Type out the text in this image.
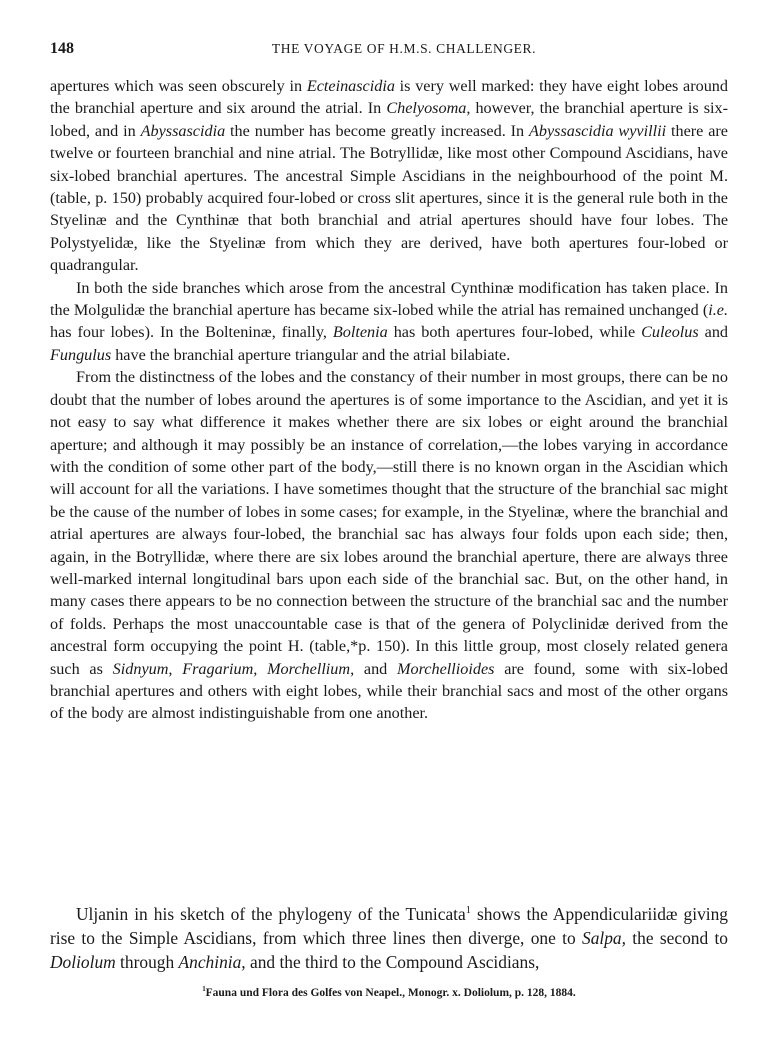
148	THE VOYAGE OF H.M.S. CHALLENGER.

apertures which was seen obscurely in Ecteinascidia is very well marked: they have eight lobes around the branchial aperture and six around the atrial. In Chelyosoma, however, the branchial aperture is six-lobed, and in Abyssascidia the number has become greatly increased. In Abyssascidia wyvillii there are twelve or fourteen branchial and nine atrial. The Botryllidæ, like most other Compound Ascidians, have six-lobed branchial apertures. The ancestral Simple Ascidians in the neighbourhood of the point M. (table, p. 150) probably acquired four-lobed or cross slit apertures, since it is the general rule both in the Styelinæ and the Cynthinæ that both branchial and atrial apertures should have four lobes. The Polystyelidæ, like the Styelinæ from which they are derived, have both apertures four-lobed or quadrangular.

In both the side branches which arose from the ancestral Cynthinæ modification has taken place. In the Molgulidæ the branchial aperture has became six-lobed while the atrial has remained unchanged (i.e. has four lobes). In the Bolteninæ, finally, Boltenia has both apertures four-lobed, while Culeolus and Fungulus have the branchial aperture triangular and the atrial bilabiate.

From the distinctness of the lobes and the constancy of their number in most groups, there can be no doubt that the number of lobes around the apertures is of some importance to the Ascidian, and yet it is not easy to say what difference it makes whether there are six lobes or eight around the branchial aperture; and although it may possibly be an instance of correlation,—the lobes varying in accordance with the condition of some other part of the body,—still there is no known organ in the Ascidian which will account for all the variations. I have sometimes thought that the structure of the branchial sac might be the cause of the number of lobes in some cases; for example, in the Styelinæ, where the branchial and atrial apertures are always four-lobed, the branchial sac has always four folds upon each side; then, again, in the Botryllidæ, where there are six lobes around the branchial aperture, there are always three well-marked internal longitudinal bars upon each side of the branchial sac. But, on the other hand, in many cases there appears to be no connection between the structure of the branchial sac and the number of folds. Perhaps the most unaccountable case is that of the genera of Polyclinidæ derived from the ancestral form occupying the point H. (table,*p. 150). In this little group, most closely related genera such as Sidnyum, Fragarium, Morchellium, and Morchellioides are found, some with six-lobed branchial apertures and others with eight lobes, while their branchial sacs and most of the other organs of the body are almost indistinguishable from one another.

Uljanin in his sketch of the phylogeny of the Tunicata$^1$ shows the Appendiculariidæ giving rise to the Simple Ascidians, from which three lines then diverge, one to Salpa, the second to Doliolum through Anchinia, and the third to the Compound Ascidians,

$^1$Fauna und Flora des Golfes von Neapel., Monogr. x. Doliolum, p. 128, 1884.
